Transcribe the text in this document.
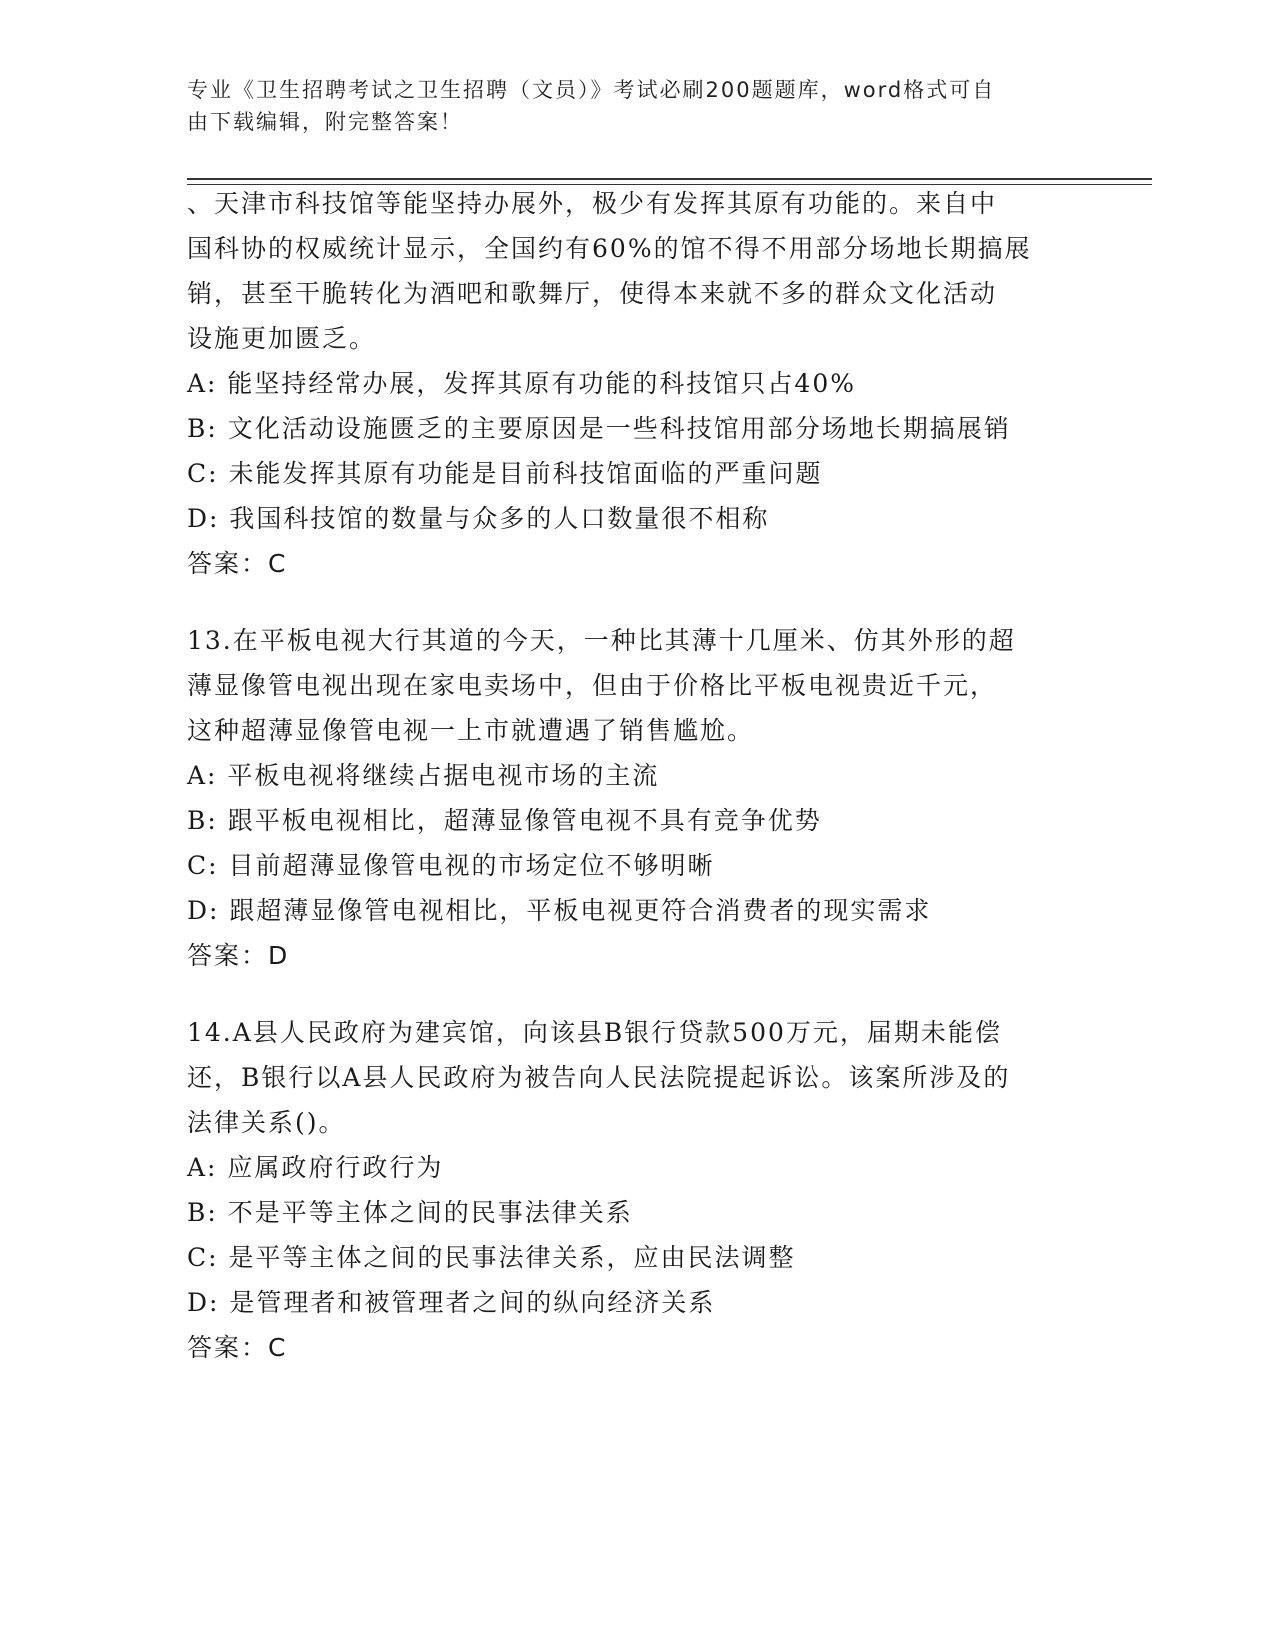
专业《卫生招聘考试之卫生招聘（文员）》考试必刷200题题库，word格式可自
由下载编辑，附完整答案！
、天津市科技馆等能坚持办展外，极少有发挥其原有功能的。来自中
国科协的权威统计显示，全国约有60%的馆不得不用部分场地长期搞展
销，甚至干脆转化为酒吧和歌舞厅，使得本来就不多的群众文化活动
设施更加匮乏。
A: 能坚持经常办展，发挥其原有功能的科技馆只占40%
B: 文化活动设施匮乏的主要原因是一些科技馆用部分场地长期搞展销
C: 未能发挥其原有功能是目前科技馆面临的严重问题
D: 我国科技馆的数量与众多的人口数量很不相称
答案：C
13.在平板电视大行其道的今天，一种比其薄十几厘米、仿其外形的超
薄显像管电视出现在家电卖场中，但由于价格比平板电视贵近千元，
这种超薄显像管电视一上市就遭遇了销售尴尬。
A: 平板电视将继续占据电视市场的主流
B: 跟平板电视相比，超薄显像管电视不具有竞争优势
C: 目前超薄显像管电视的市场定位不够明晰
D: 跟超薄显像管电视相比，平板电视更符合消费者的现实需求
答案：D
14.A县人民政府为建宾馆，向该县B银行贷款500万元，届期未能偿
还，B银行以A县人民政府为被告向人民法院提起诉讼。该案所涉及的
法律关系()。
A: 应属政府行政行为
B: 不是平等主体之间的民事法律关系
C: 是平等主体之间的民事法律关系，应由民法调整
D: 是管理者和被管理者之间的纵向经济关系
答案：C
